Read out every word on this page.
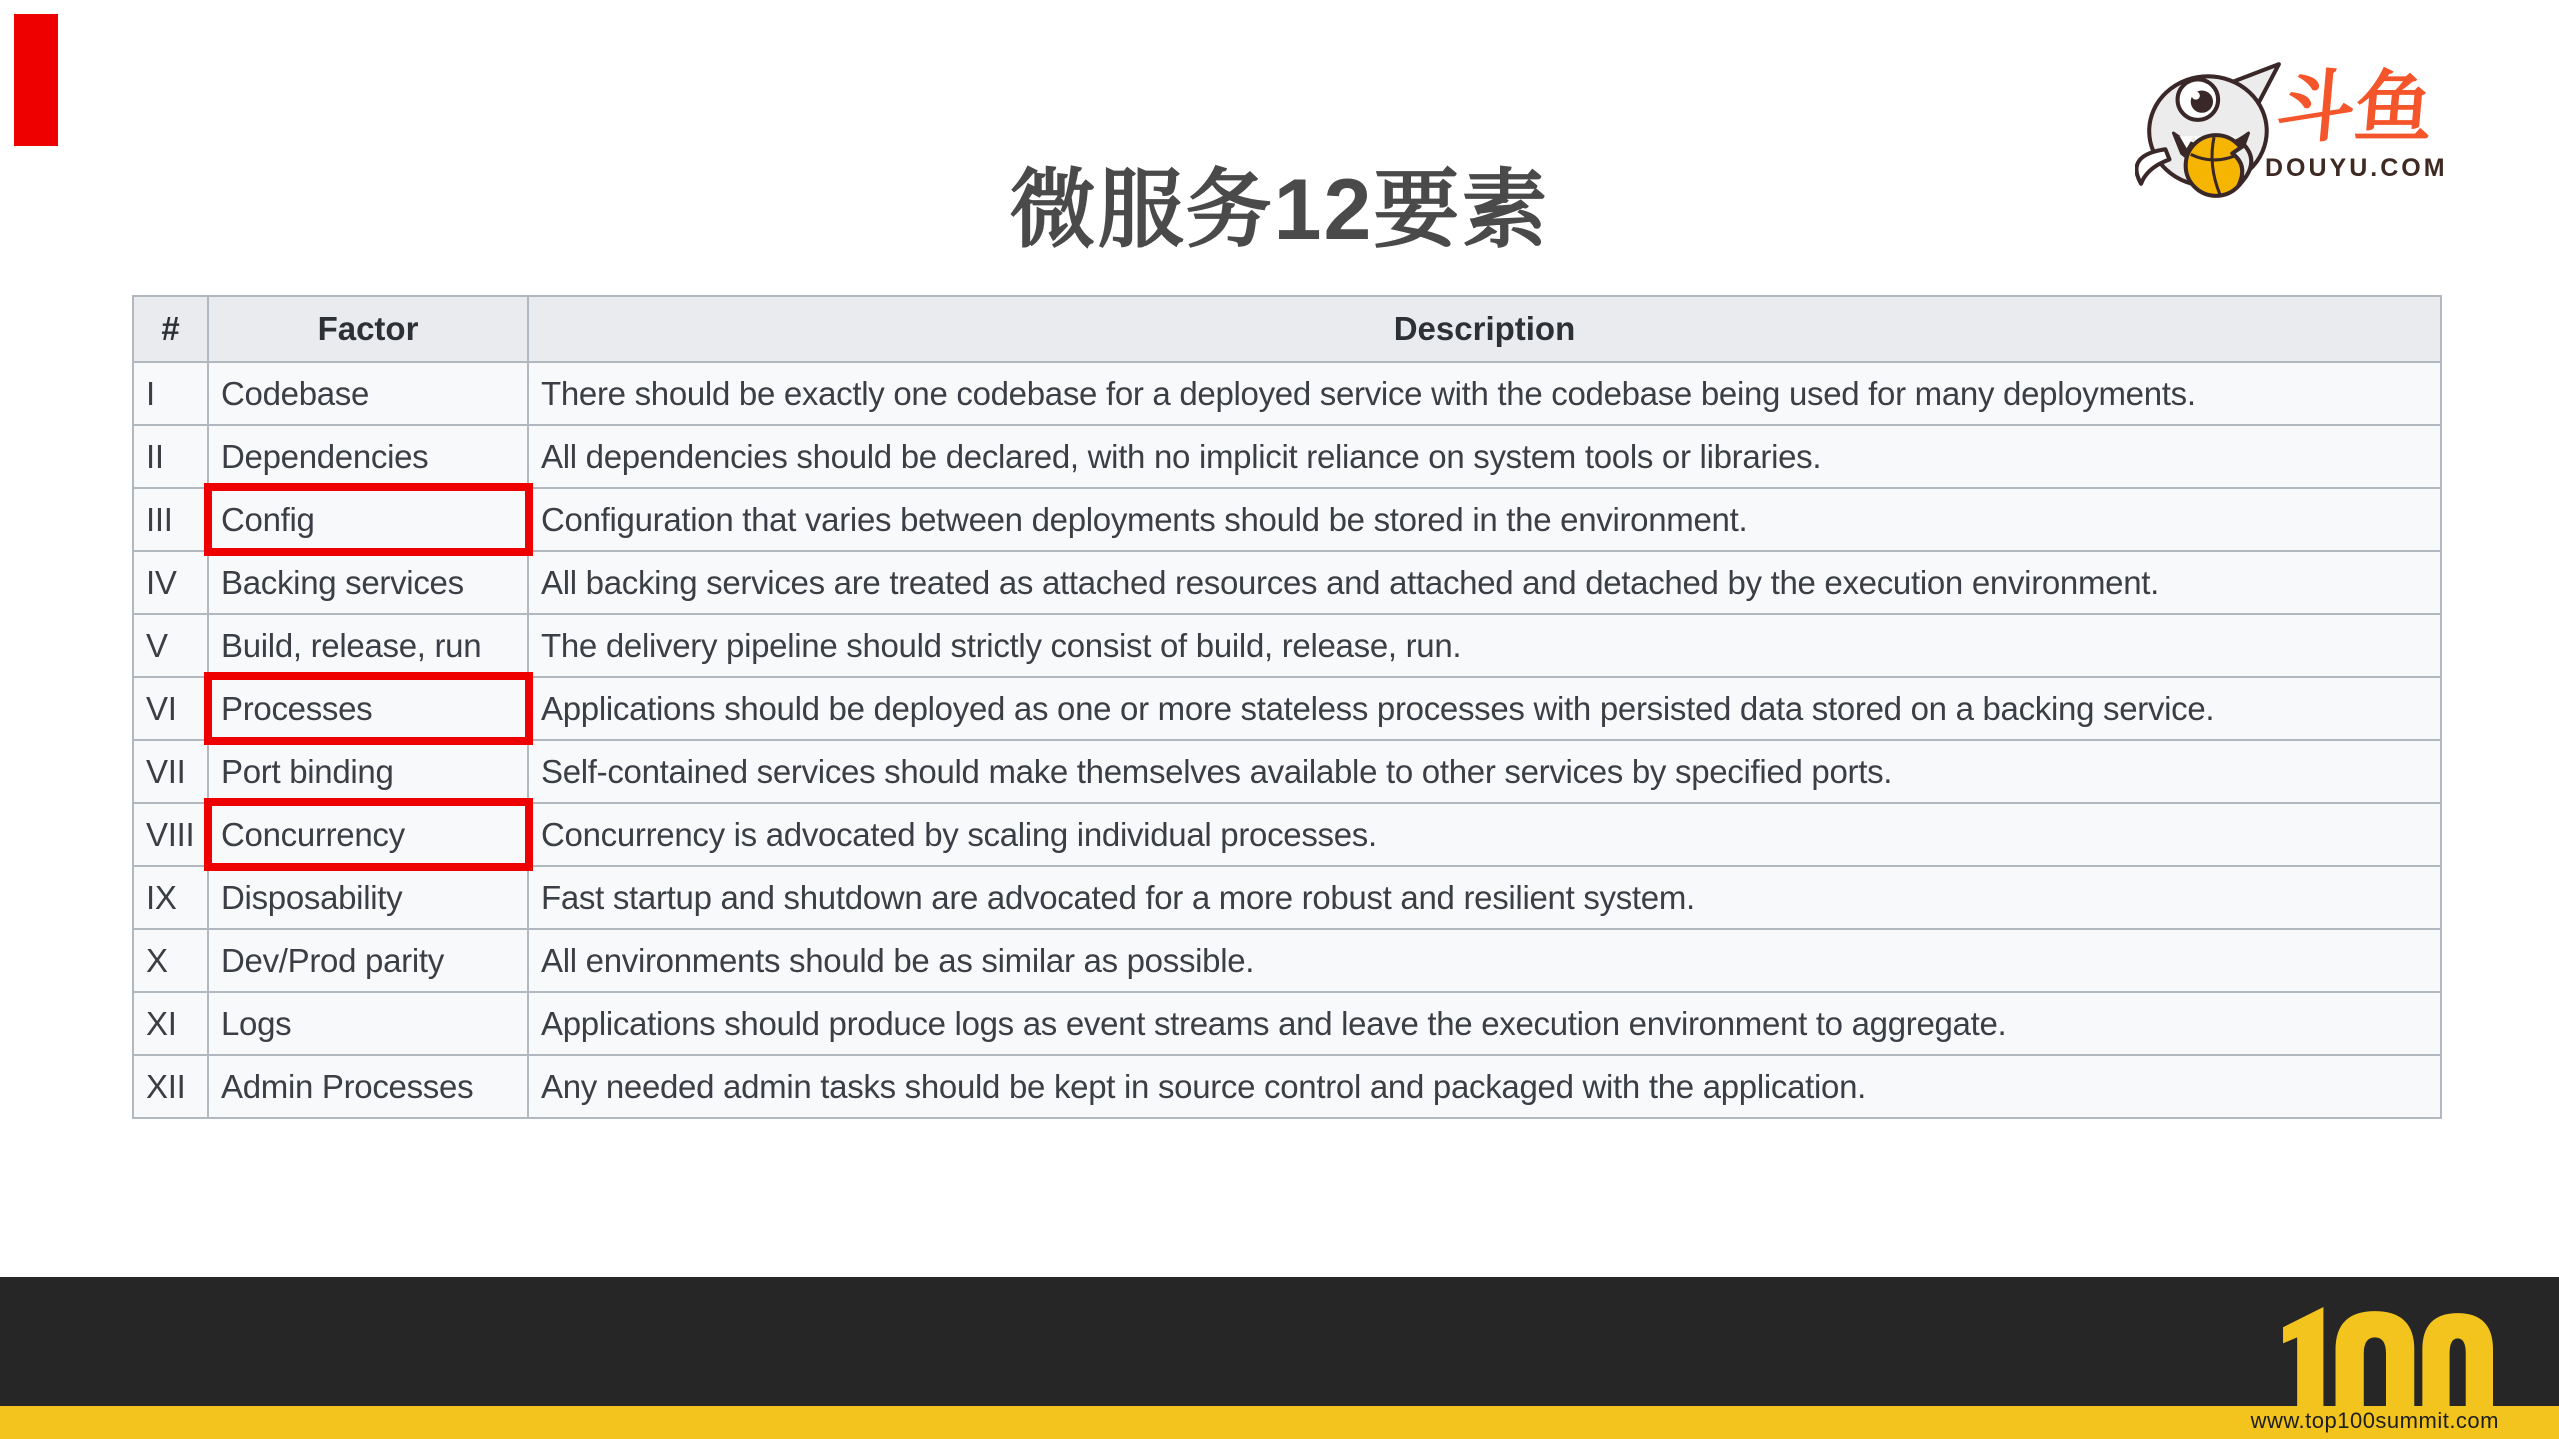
微服务12要素
斗鱼
DOUYU.COM
#	Factor	Description
I	Codebase	There should be exactly one codebase for a deployed service with the codebase being used for many deployments.
II	Dependencies	All dependencies should be declared, with no implicit reliance on system tools or libraries.
III	Config	Configuration that varies between deployments should be stored in the environment.
IV	Backing services	All backing services are treated as attached resources and attached and detached by the execution environment.
V	Build, release, run	The delivery pipeline should strictly consist of build, release, run.
VI	Processes	Applications should be deployed as one or more stateless processes with persisted data stored on a backing service.
VII	Port binding	Self-contained services should make themselves available to other services by specified ports.
VIII	Concurrency	Concurrency is advocated by scaling individual processes.
IX	Disposability	Fast startup and shutdown are advocated for a more robust and resilient system.
X	Dev/Prod parity	All environments should be as similar as possible.
XI	Logs	Applications should produce logs as event streams and leave the execution environment to aggregate.
XII	Admin Processes	Any needed admin tasks should be kept in source control and packaged with the application.
www.top100summit.com
